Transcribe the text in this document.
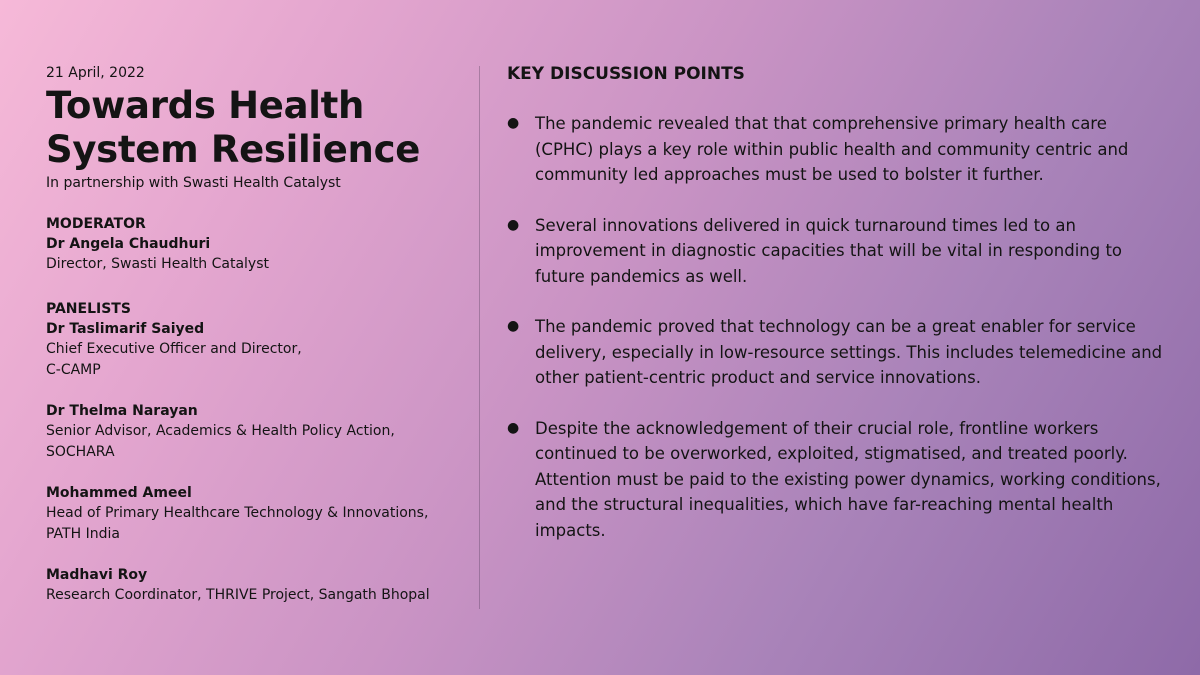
21 April, 2022

Towards Health System Resilience

In partnership with Swasti Health Catalyst

MODERATOR
Dr Angela Chaudhuri
Director, Swasti Health Catalyst
PANELISTS
Dr Taslimarif Saiyed
Chief Executive Officer and Director,
C-CAMP
Dr Thelma Narayan
Senior Advisor, Academics & Health Policy Action,
SOCHARA
Mohammed Ameel
Head of Primary Healthcare Technology & Innovations,
PATH India
Madhavi Roy
Research Coordinator, THRIVE Project, Sangath Bhopal
KEY DISCUSSION POINTS
● The pandemic revealed that that comprehensive primary health care (CPHC) plays a key role within public health and community centric and community led approaches must be used to bolster it further.
● Several innovations delivered in quick turnaround times led to an improvement in diagnostic capacities that will be vital in responding to future pandemics as well.
● The pandemic proved that technology can be a great enabler for service delivery, especially in low-resource settings. This includes telemedicine and other patient-centric product and service innovations.
● Despite the acknowledgement of their crucial role, frontline workers continued to be overworked, exploited, stigmatised, and treated poorly. Attention must be paid to the existing power dynamics, working conditions, and the structural inequalities, which have far-reaching mental health impacts.
